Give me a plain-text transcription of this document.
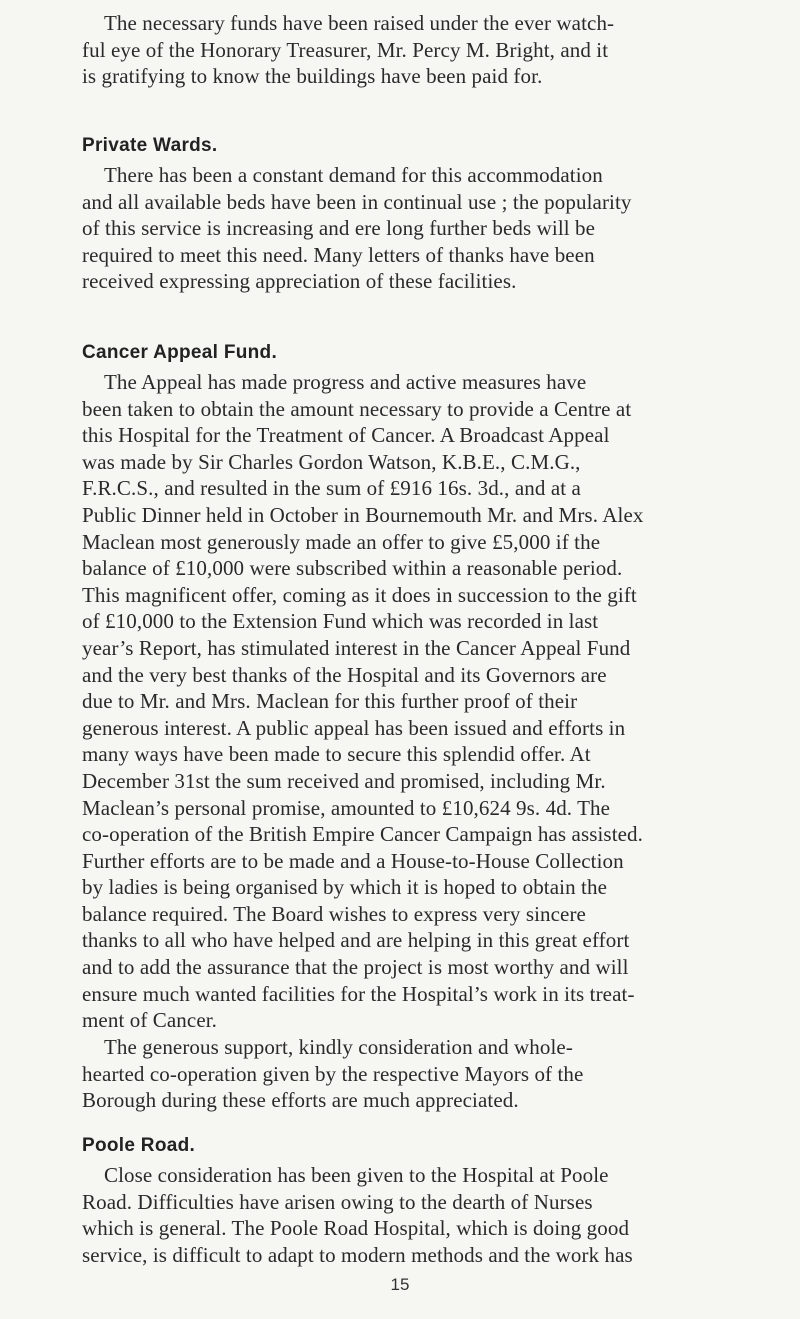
The necessary funds have been raised under the ever watch-
ful eye of the Honorary Treasurer, Mr. Percy M. Bright, and it
is gratifying to know the buildings have been paid for.

Private Wards.

There has been a constant demand for this accommodation
and all available beds have been in continual use ; the popularity
of this service is increasing and ere long further beds will be
required to meet this need. Many letters of thanks have been
received expressing appreciation of these facilities.

Cancer Appeal Fund.

The Appeal has made progress and active measures have
been taken to obtain the amount necessary to provide a Centre at
this Hospital for the Treatment of Cancer. A Broadcast Appeal
was made by Sir Charles Gordon Watson, K.B.E., C.M.G.,
F.R.C.S., and resulted in the sum of £916 16s. 3d., and at a
Public Dinner held in October in Bournemouth Mr. and Mrs. Alex
Maclean most generously made an offer to give £5,000 if the
balance of £10,000 were subscribed within a reasonable period.
This magnificent offer, coming as it does in succession to the gift
of £10,000 to the Extension Fund which was recorded in last
year’s Report, has stimulated interest in the Cancer Appeal Fund
and the very best thanks of the Hospital and its Governors are
due to Mr. and Mrs. Maclean for this further proof of their
generous interest. A public appeal has been issued and efforts in
many ways have been made to secure this splendid offer. At
December 31st the sum received and promised, including Mr.
Maclean’s personal promise, amounted to £10,624 9s. 4d. The
co-operation of the British Empire Cancer Campaign has assisted.
Further efforts are to be made and a House-to-House Collection
by ladies is being organised by which it is hoped to obtain the
balance required. The Board wishes to express very sincere
thanks to all who have helped and are helping in this great effort
and to add the assurance that the project is most worthy and will
ensure much wanted facilities for the Hospital’s work in its treat-
ment of Cancer.

The generous support, kindly consideration and whole-
hearted co-operation given by the respective Mayors of the
Borough during these efforts are much appreciated.

Poole Road.

Close consideration has been given to the Hospital at Poole
Road. Difficulties have arisen owing to the dearth of Nurses
which is general. The Poole Road Hospital, which is doing good
service, is difficult to adapt to modern methods and the work has

15
